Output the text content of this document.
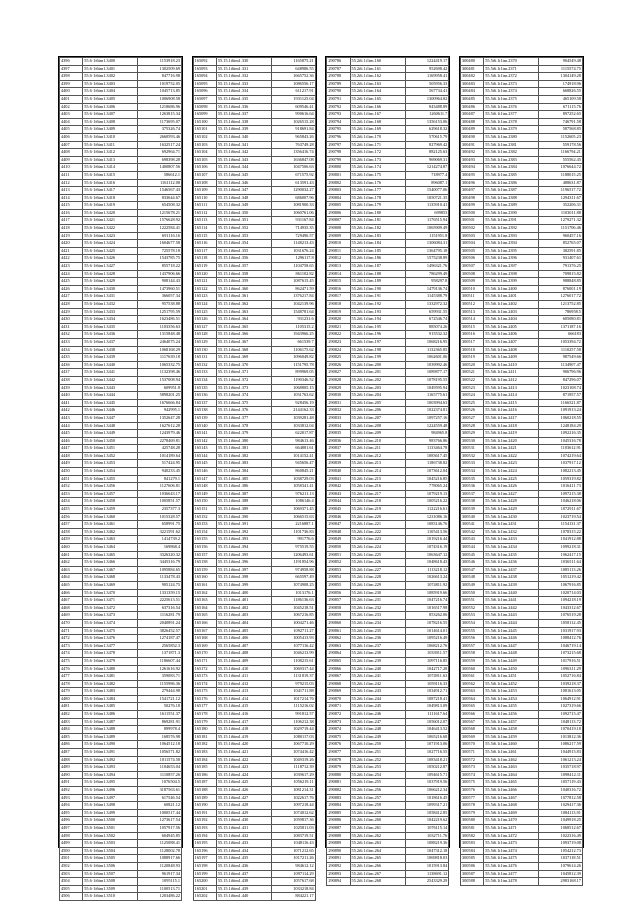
4396	55.6·1i6tm1.3400	1153918.23
4397	55.6·1i6tm1.3401	1302509.69
4398	55.6·1i6tm1.3402	847716.98
4399	55.6·1i6tm1.3403	1019752.05
4400	55.6·1i6tm1.3404	1045713.85
4401	55.6·1i6tm1.3405	1006908.58
4402	55.6·1i6tm1.3406	1218686.96
4403	55.6·1i6tm1.3407	1263815.34
4404	55.6·1i6tm1.3408	1173695.07
4405	55.6·1i6tm1.3409	375326.74
4406	55.6·1i6tm1.3410	2660593.46
4407	55.6·1i6tm1.3411	1632517.24
4408	55.6·1i6tm1.3412	692964.71
4409	55.6·1i6tm1.3413	698398.28
4410	55.6·1i6tm1.3414	1400807.56
4411	55.6·1i6tm1.3415	586612.1
4412	55.6·1i6tm1.3416	1161112.08
4413	55.6·1i6tm1.3417	1546567.43
4414	55.6·1i6tm1.3418	833644.67
4415	55.6·1i6tm1.3419	654508.32
4416	55.6·1i6tm1.3420	1215678.21
4417	55.6·1i6tm1.3421	1576628.92
4418	55.6·1i6tm1.3422	1222584.41
4419	55.6·1i6tm1.3423	691116.16
4420	55.6·1i6tm1.3424	1604677.58
4421	55.6·1i6tm1.3425	725578.18
4422	55.6·1i6tm1.3426	1543785.75
4423	55.6·1i6tm1.3427	855718.22
4424	55.6·1i6tm1.3428	1437906.66
4425	55.6·1i6tm1.3429	908144.43
4426	55.6·1i6tm1.3430	1473960.51
4427	55.6·1i6tm1.3431	366057.34
4428	55.6·1i6tm1.3432	957538.88
4429	55.6·1i6tm1.3433	1251795.59
4430	55.6·1i6tm1.3434	1623486.51
4431	55.6·1i6tm1.3435	1103356.63
4432	55.6·1i6tm1.3436	1315848.48
4433	55.6·1i6tm1.3437	2464075.24
4434	55.6·1i6tm1.3438	1068168.29
4435	55.6·1i6tm1.3439	1117639.18
4436	55.6·1i6tm1.3440	1065332.75
4437	55.6·1i6tm1.3441	1132398.46
4438	55.6·1i6tm1.3442	1537008.94
4439	55.6·1i6tm1.3443	609951.8
4440	55.6·1i6tm1.3444	5898201.25
4441	55.6·1i6tm1.3445	1676666.84
4442	55.6·1i6tm1.3446	942995.1
4443	55.6·1i6tm1.3447	1352647.28
4444	55.6·1i6tm1.3448	1627612.28
4445	55.6·1i6tm1.3449	1243979.46
4446	55.6·1i6tm1.3450	2278469.81
4447	55.6·1i6tm1.3451	425748.28
4448	55.6·1i6tm1.3452	1014189.64
4449	55.6·1i6tm1.3453	517424.95
4450	55.6·1i6tm1.3454	940233.45
4451	55.6·1i6tm1.3455	841279.1
4452	55.6·1i6tm1.3456	1127606.81
4453	55.6·1i6tm1.3457	1036643.17
4454	55.6·1i6tm1.3458	1005851.57
4455	55.6·1i6tm1.3459	2357377.3
4456	55.6·1i6tm1.3460	1015328.57
4457	55.6·1i6tm1.3461	658991.75
4458	55.6·1i6tm1.3462	3221591.62
4459	55.6·1i6tm1.3463	1414739.2
4460	55.6·1i6tm1.3464	169868.4
4461	55.6·1i6tm1.3465	3326320.32
4462	55.6·1i6tm1.3466	3445316.79
4463	55.6·1i6tm1.3467	1095884.65
4464	55.6·1i6tm1.3468	1133478.43
4465	55.6·1i6tm1.3469	905124.75
4466	55.6·1i6tm1.3470	1331359.15
4467	55.6·1i6tm1.3471	2225613.51
4468	55.6·1i6tm1.3472	637316.54
4469	55.6·1i6tm1.3473	1116281.79
4470	55.6·1i6tm1.3474	2040891.24
4471	55.6·1i6tm1.3475	3826452.57
4472	55.6·1i6tm1.3476	1274187.47
4473	55.6·1i6tm1.3477	2565852.3
4474	55.6·1i6tm1.3478	1371871.3
4475	55.6·1i6tm1.3479	1186607.44
4476	55.6·1i6tm1.3480	1261616.92
4477	55.6·1i6tm1.3481	359083.71
4478	55.6·1i6tm1.3482	1155986.36
4479	55.6·1i6tm1.3483	279444.98
4480	55.6·1i6tm1.3484	1541721.12
4481	55.6·1i6tm1.3485	50276.18
4482	55.6·1i6tm1.3486	1611551.37
4483	55.6·1i6tm1.3487	869281.91
4484	55.6·1i6tm1.3488	899978.4
4485	55.6·1i6tm1.3489	168576.98
4486	55.6·1i6tm1.3490	1064512.18
4487	55.6·1i6tm1.3491	1056571.82
4488	55.6·1i6tm1.3492	1011574.58
4489	55.6·1i6tm1.3493	1104653.04
4490	55.6·1i6tm1.3494	1110857.26
4491	55.6·1i6tm1.3495	1076504.5
4492	55.6·1i6tm1.3496	3187563.61
4493	55.6·1i6tm1.3497	617546.54
4494	55.6·1i6tm1.3498	60821.12
4495	55.6·1i6tm1.3499	1000517.44
4496	55.6·1i6tm1.3500	1273617.54
4497	55.6·1i6tm1.3501	1057917.56
4498	55.6·1i6tm1.3502	604945.85
4499	55.6·1i6tm1.3503	1125088.41
4500	55.6·1i6tm1.3504	1128002.78
4501	55.6·1i6tm1.3505	1088917.66
4502	55.6·1i6tm1.3506	1120848.93
4503	55.6·1i6tm1.3507	961917.34
4504	55.6·1i6tm1.3508	1095115.1
4505	55.6·1i6tm1.3509	1100513.71
4506	55.6·1i6tm1.3510	1203486.22
165092	55.15.1i6tm1.330	1165875.21
165093	55.15.1i6tm1.331	648986.55
165094	55.15.1i6tm1.332	1665752.36
165095	55.15.1i6tm1.333	1086556.17
165096	55.15.1i6tm1.334	611217.91
165097	55.15.1i6tm1.335	1931125.04
165098	55.15.1i6tm1.336	609546.41
165099	55.15.1i6tm1.337	990616.64
165100	55.15.1i6tm1.338	1026515.28
165101	55.15.1i6tm1.339	918691.84
165102	55.15.1i6tm1.340	965843.26
165103	55.15.1i6tm1.341	763749.28
165104	55.15.1i6tm1.342	1356416.74
165105	55.15.1i6tm1.343	1636847.08
165106	55.15.1i6tm1.344	1047506.63
165107	55.15.1i6tm1.345	671575.92
165108	55.15.1i6tm1.346	613591.43
165109	55.15.1i6tm1.347	1290032.27
165110	55.15.1i6tm1.348	686007.96
165111	55.15.1i6tm1.349	1081900.33
165112	55.15.1i6tm1.350	1060761.06
165113	55.15.1i6tm1.351	931167.84
165114	55.15.1i6tm1.352	714935.35
165115	55.15.1i6tm1.353	729496.57
165116	55.15.1i6tm1.354	1148213.43
165117	55.15.1i6tm1.355	1031676.24
165118	55.15.1i6tm1.356	1296117.8
165119	55.15.1i6tm1.357	1104758.65
165120	55.15.1i6tm1.358	861102.82
165121	55.15.1i6tm1.359	1087615.45
165122	55.15.1i6tm1.360	862471.59
165123	55.15.1i6tm1.361	1376217.84
165124	55.15.1i6tm1.362	1042139.96
165125	55.15.1i6tm1.363	1548781.64
165126	55.15.1i6tm1.364	931231.6
165127	55.15.1i6tm1.365	1105315.2
165128	55.15.1i6tm1.366	1943966.25
165129	55.15.1i6tm1.367	661539.7
165130	55.15.1i6tm1.368	1106175.62
165131	55.15.1i6tm1.369	1096049.82
165132	55.15.1i6tm1.370	1151795.78
165133	55.15.1i6tm1.371	899969.05
165134	55.15.1i6tm1.372	1190346.52
165135	55.15.1i6tm1.373	1068805.15
165136	55.15.1i6tm1.374	1031763.62
165137	55.15.1i6tm1.375	928456.19
165138	55.15.1i6tm1.376	2144162.33
165139	55.15.1i6tm1.377	1039281.48
165140	55.15.1i6tm1.378	1033812.04
165141	55.15.1i6tm1.379	622017.87
165142	55.15.1i6tm1.380	984613.46
165143	55.15.1i6tm1.381	664881.61
165144	55.15.1i6tm1.382	1014152.41
165145	55.15.1i6tm1.383	945656.47
165146	55.15.1i6tm1.384	860845.21
165147	55.15.1i6tm1.385	1038729.03
165148	55.15.1i6tm1.386	1058341.41
165149	55.15.1i6tm1.387	976211.13
165150	55.15.1i6tm1.388	1086146.4
165151	55.15.1i6tm1.389	1069371.45
165152	55.15.1i6tm1.390	1066515.63
165153	55.15.1i6tm1.391	2216887.1
165154	55.15.1i6tm1.392	1101736.83
165155	55.15.1i6tm1.393	991776.6
165156	55.15.1i6tm1.394	975519.55
165157	55.15.1i6tm1.395	1206493.61
165158	55.15.1i6tm1.396	1191854.96
165159	55.15.1i6tm1.397	974958.88
165160	55.15.1i6tm1.398	665597.49
165161	55.15.1i6tm1.399	1074908.25
165162	55.15.1i6tm1.400	1013176.1
165163	55.15.1i6tm1.401	1186136.63
165164	55.15.1i6tm1.402	1045218.51
165165	55.15.1i6tm1.403	1067216.85
165166	55.15.1i6tm1.404	1004271.46
165167	55.15.1i6tm1.405	1092711.27
165168	55.15.1i6tm1.406	1005413.93
165169	55.15.1i6tm1.407	1077116.42
165170	55.15.1i6tm1.408	1046213.99
165171	55.15.1i6tm1.409	1108215.61
165172	55.15.1i6tm1.410	1069317.44
165173	55.15.1i6tm1.411	1131819.37
165174	55.15.1i6tm1.412	979215.03
165175	55.15.1i6tm1.413	1041711.88
165176	55.15.1i6tm1.414	1017214.76
165177	55.15.1i6tm1.415	1115216.02
165178	55.15.1i6tm1.416	991812.57
165179	55.15.1i6tm1.417	1106212.38
165180	55.15.1i6tm1.418	1029719.44
165181	55.15.1i6tm1.419	1080117.03
165182	55.15.1i6tm1.420	1067710.29
165183	55.15.1i6tm1.421	1074416.42
165184	55.15.1i6tm1.422	1049319.26
165185	55.15.1i6tm1.423	1118712.39
165186	55.15.1i6tm1.424	1039617.29
165187	55.15.1i6tm1.425	1056219.11
165188	55.15.1i6tm1.426	1081214.31
165189	55.15.1i6tm1.427	1022617.76
165190	55.15.1i6tm1.428	1097218.44
165191	55.15.1i6tm1.429	1074012.62
165192	55.15.1i6tm1.430	1059817.36
165193	55.15.1i6tm1.431	1025811.03
165194	55.15.1i6tm1.432	1083719.51
165195	55.15.1i6tm1.433	1048116.43
165196	55.15.1i6tm1.434	1071212.65
165197	55.15.1i6tm1.435	1017211.26
165198	55.15.1i6tm1.436	984612.12
165199	55.15.1i6tm1.437	1097114.29
165200	55.15.1i6tm1.438	1057617.68
165201	55.15.1i6tm1.439	1033218.84
165202	55.15.1i6tm1.440	884221.17
290786	55.2i6.1i1tm.160	1224419.17
290787	55.2i6.1i1tm.161	952698.42
290788	55.2i6.1i1tm.162	1169958.41
290789	55.2i6.1i1tm.163	505956.33
290790	55.2i6.1i1tm.164	567734.41
290791	55.2i6.1i1tm.165	1300964.82
290792	55.2i6.1i1tm.166	843488.89
290793	55.2i6.1i1tm.167	1260611.7
290794	55.2i6.1i1tm.168	1356153.06
290795	55.2i6.1i1tm.169	629618.32
290796	55.2i6.1i1tm.170	570615.79
290797	55.2i6.1i1tm.171	827969.42
290798	55.2i6.1i1tm.172	882125.63
290799	55.2i6.1i1tm.173	969069.31
290800	55.2i6.1i1tm.174	1214274.87
290801	55.2i6.1i1tm.175	718977.4
290802	55.2i6.1i1tm.176	896087.1
290803	55.2i6.1i1tm.177	1540077.06
290804	55.2i6.1i1tm.178	1050721.35
290805	55.2i6.1i1tm.179	1135910.41
290806	55.2i6.1i1tm.180	699853
290807	55.2i6.1i1tm.181	1176515.94
290808	55.2i6.1i1tm.182	1065909.49
290809	55.2i6.1i1tm.183	1151951.8
290810	55.2i6.1i1tm.184	1306084.31
290811	55.2i6.1i1tm.185	1364795.18
290812	55.2i6.1i1tm.186	1575238.89
290813	55.2i6.1i1tm.187	1496321.76
290814	55.2i6.1i1tm.188	786299.49
290815	55.2i6.1i1tm.189	958297.8
290816	55.2i6.1i1tm.190	1479136.74
290817	55.2i6.1i1tm.191	1145388.79
290818	55.2i6.1i1tm.192	1332972.32
290819	55.2i6.1i1tm.193	659931.55
290820	55.2i6.1i1tm.194	672546.74
290821	55.2i6.1i1tm.195	885074.26
290822	55.2i6.1i1tm.196	915532.32
290823	55.2i6.1i1tm.197	1068216.95
290824	55.2i6.1i1tm.198	1132365.85
290825	55.2i6.1i1tm.199	1062601.06
290826	55.2i6.1i1tm.200	1039992.46
290827	55.2i6.1i1tm.201	1089877.17
290828	55.2i6.1i1tm.202	1078195.55
290829	55.2i6.1i1tm.203	1049595.94
290830	55.2i6.1i1tm.204	1165775.61
290831	55.2i6.1i1tm.205	1003994.63
290832	55.2i6.1i1tm.206	1022374.81
290833	55.2i6.1i1tm.207	1097257.16
290834	55.2i6.1i1tm.208	1224559.48
290835	55.2i6.1i1tm.209	984965.8
290836	55.2i6.1i1tm.210	983766.86
290837	55.2i6.1i1tm.211	1133464.78
290838	55.2i6.1i1tm.212	1083617.45
290839	55.2i6.1i1tm.213	1186738.82
290840	55.2i6.1i1tm.214	1073612.04
290841	55.2i6.1i1tm.215	1045216.85
290842	55.2i6.1i1tm.216	778065.24
290843	55.2i6.1i1tm.217	1079219.13
290844	55.2i6.1i1tm.218	1005216.22
290845	55.2i6.1i1tm.219	1122216.61
290846	55.2i6.1i1tm.220	1231086.16
290847	55.2i6.1i1tm.221	1083146.76
290848	55.2i6.1i1tm.222	1105413.56
290849	55.2i6.1i1tm.223	1019216.44
290850	55.2i6.1i1tm.224	1074316.19
290851	55.2i6.1i1tm.225	1063647.12
290852	55.2i6.1i1tm.226	1048618.43
290853	55.2i6.1i1tm.227	1113218.12
290854	55.2i6.1i1tm.228	1026613.24
290855	55.2i6.1i1tm.229	1074811.92
290856	55.2i6.1i1tm.230	1085919.66
290857	55.2i6.1i1tm.231	1047216.74
290858	55.2i6.1i1tm.232	1016517.98
290859	55.2i6.1i1tm.233	853262.06
290860	55.2i6.1i1tm.234	1078216.55
290861	55.2i6.1i1tm.235	1014614.01
290862	55.2i6.1i1tm.236	1095216.49
290863	55.2i6.1i1tm.237	1068212.76
290864	55.2i6.1i1tm.238	1033911.57
290865	55.2i6.1i1tm.239	1097116.85
290866	55.2i6.1i1tm.240	1042717.28
290867	55.2i6.1i1tm.241	1074911.63
290868	55.2i6.1i1tm.242	1059116.33
290869	55.2i6.1i1tm.243	1034912.71
290870	55.2i6.1i1tm.244	1087218.41
290871	55.2i6.1i1tm.245	1049813.09
290872	55.2i6.1i1tm.246	1111617.64
290873	55.2i6.1i1tm.247	1056012.07
290874	55.2i6.1i1tm.248	1046413.52
290875	55.2i6.1i1tm.249	1065216.68
290876	55.2i6.1i1tm.250	1071913.06
290877	55.2i6.1i1tm.251	1027716.55
290878	55.2i6.1i1tm.252	1083418.21
290879	55.2i6.1i1tm.253	1050212.87
290880	55.2i6.1i1tm.254	1094615.71
290881	55.2i6.1i1tm.255	1037919.56
290882	55.2i6.1i1tm.256	1066212.34
290883	55.2i6.1i1tm.257	1018616.45
290884	55.2i6.1i1tm.258	1099317.21
290885	55.2i6.1i1tm.259	1058412.85
290886	55.2i6.1i1tm.260	1042219.62
290887	55.2i6.1i1tm.261	1076115.14
290888	55.2i6.1i1tm.262	1032711.76
290889	55.2i6.1i1tm.263	1088219.36
290890	55.2i6.1i1tm.264	1047312.18
290891	55.2i6.1i1tm.265	1069818.03
290892	55.2i6.1i1tm.266	1015913.84
290893	55.2i6.1i1tm.267	1138691.12
290894	55.2i6.1i1tm.268	2543329.29
300480	55.5i6.1i1tm.2370	904549.48
300481	55.5i6.1i1tm.2371	1115574.75
300482	55.5i6.1i1tm.2372	1304149.28
300483	55.5i6.1i1tm.2373	174918.96
300484	55.5i6.1i1tm.2374	668826.55
300485	55.5i6.1i1tm.2375	465109.58
300486	55.5i6.1i1tm.2376	671115.76
300487	55.5i6.1i1tm.2377	897252.65
300488	55.5i6.1i1tm.2378	746791.58
300489	55.5i6.1i1tm.2379	587568.85
300490	55.5i6.1i1tm.2380	1152605.23
300491	55.5i6.1i1tm.2381	559178.56
300492	55.5i6.1i1tm.2382	1166794.21
300493	55.5i6.1i1tm.2383	555562.45
300494	55.5i6.1i1tm.2384	1076644.72
300495	55.5i6.1i1tm.2385	1188015.25
300496	55.5i6.1i1tm.2386	488631.87
300497	55.5i6.1i1tm.2387	1196517.72
300498	55.5i6.1i1tm.2388	1294311.67
300499	55.5i6.1i1tm.2389	352206.31
300500	55.5i6.1i1tm.2390	1103011.88
300501	55.5i6.1i1tm.2391	1279271.32
300502	55.5i6.1i1tm.2392	1151706.46
300503	55.5i6.1i1tm.2393	960457.16
300504	55.5i6.1i1tm.2394	852765.07
300505	55.5i6.1i1tm.2395	382591.85
300506	55.5i6.1i1tm.2396	931407.61
300507	55.5i6.1i1tm.2397	791376.25
300508	55.5i6.1i1tm.2398	709815.82
300509	55.5i6.1i1tm.2399	988848.85
300510	55.5i6.1i1tm.2400	876001.19
300511	55.5i6.1i1tm.2401	1276017.72
300512	55.5i6.1i1tm.2402	1213752.85
300513	55.5i6.1i1tm.2403	786958.5
300514	55.5i6.1i1tm.2404	605080.81
300515	55.5i6.1i1tm.2405	1371187.16
300516	55.5i6.1i1tm.2406	666183
300517	55.5i6.1i1tm.2407	1053394.72
300518	55.5i6.1i1tm.2408	1110257.58
300519	55.5i6.1i1tm.2409	987549.66
300520	55.5i6.1i1tm.2410	1134907.47
300521	55.5i6.1i1tm.2411	906796.96
300522	55.5i6.1i1tm.2412	847296.07
300523	55.5i6.1i1tm.2413	1023108.74
300524	55.5i6.1i1tm.2414	871957.57
300525	55.5i6.1i1tm.2415	1166521.87
300526	55.5i6.1i1tm.2416	1091913.24
300527	55.5i6.1i1tm.2417	1060218.55
300528	55.5i6.1i1tm.2418	1248184.29
300529	55.5i6.1i1tm.2419	1092216.35
300530	55.5i6.1i1tm.2420	1045316.78
300531	55.5i6.1i1tm.2421	1103612.91
300532	55.5i6.1i1tm.2422	1074219.64
300533	55.5i6.1i1tm.2423	1037917.12
300534	55.5i6.1i1tm.2424	1082213.45
300535	55.5i6.1i1tm.2425	1059319.82
300536	55.5i6.1i1tm.2426	1016411.73
300537	55.5i6.1i1tm.2427	1097215.38
300538	55.5i6.1i1tm.2428	1046218.06
300539	55.5i6.1i1tm.2429	1072911.67
300540	55.5i6.1i1tm.2430	1023719.54
300541	55.5i6.1i1tm.2431	1154131.37
300542	55.5i6.1i1tm.2432	1078315.22
300543	55.5i6.1i1tm.2433	1041912.88
300544	55.5i6.1i1tm.2434	1099218.31
300545	55.5i6.1i1tm.2435	1062417.15
300546	55.5i6.1i1tm.2436	1036511.64
300547	55.5i6.1i1tm.2437	1085113.26
300548	55.5i6.1i1tm.2438	1051219.42
300549	55.5i6.1i1tm.2439	1067916.85
300550	55.5i6.1i1tm.2440	1020714.03
300551	55.5i6.1i1tm.2441	1094218.19
300552	55.5i6.1i1tm.2442	1043312.67
300553	55.5i6.1i1tm.2443	1076519.28
300554	55.5i6.1i1tm.2444	1058112.45
300555	55.5i6.1i1tm.2445	1031917.93
300556	55.5i6.1i1tm.2446	1088412.76
300557	55.5i6.1i1tm.2447	1046719.14
300558	55.5i6.1i1tm.2448	1073215.68
300559	55.5i6.1i1tm.2449	1017916.51
300560	55.5i6.1i1tm.2450	1096311.29
300561	55.5i6.1i1tm.2451	1052716.84
300562	55.5i6.1i1tm.2452	1039218.37
300563	55.5i6.1i1tm.2453	1081613.05
300564	55.5i6.1i1tm.2454	1064912.91
300565	55.5i6.1i1tm.2455	1027319.66
300566	55.5i6.1i1tm.2456	1092715.47
300567	55.5i6.1i1tm.2457	1048113.72
300568	55.5i6.1i1tm.2458	1070419.18
300569	55.5i6.1i1tm.2459	1013812.36
300570	55.5i6.1i1tm.2460	1086217.59
300571	55.5i6.1i1tm.2461	1044915.83
300572	55.5i6.1i1tm.2462	1061213.24
300573	55.5i6.1i1tm.2463	1035718.97
300574	55.5i6.1i1tm.2464	1098412.11
300575	55.5i6.1i1tm.2465	1057119.43
300576	55.5i6.1i1tm.2466	1040316.72
300577	55.5i6.1i1tm.2467	1077812.58
300578	55.5i6.1i1tm.2468	1029417.36
300579	55.5i6.1i1tm.2469	1084113.91
300580	55.5i6.1i1tm.2470	1049918.25
300581	55.5i6.1i1tm.2471	1068512.67
300582	55.5i6.1i1tm.2472	1022316.49
300583	55.5i6.1i1tm.2473	1093719.08
300584	55.5i6.1i1tm.2474	1054212.73
300585	55.5i6.1i1tm.2475	1037118.51
300586	55.5i6.1i1tm.2476	1079614.26
300587	55.5i6.1i1tm.2477	1045812.39
300588	55.5i6.1i1tm.2478	2983168.17
